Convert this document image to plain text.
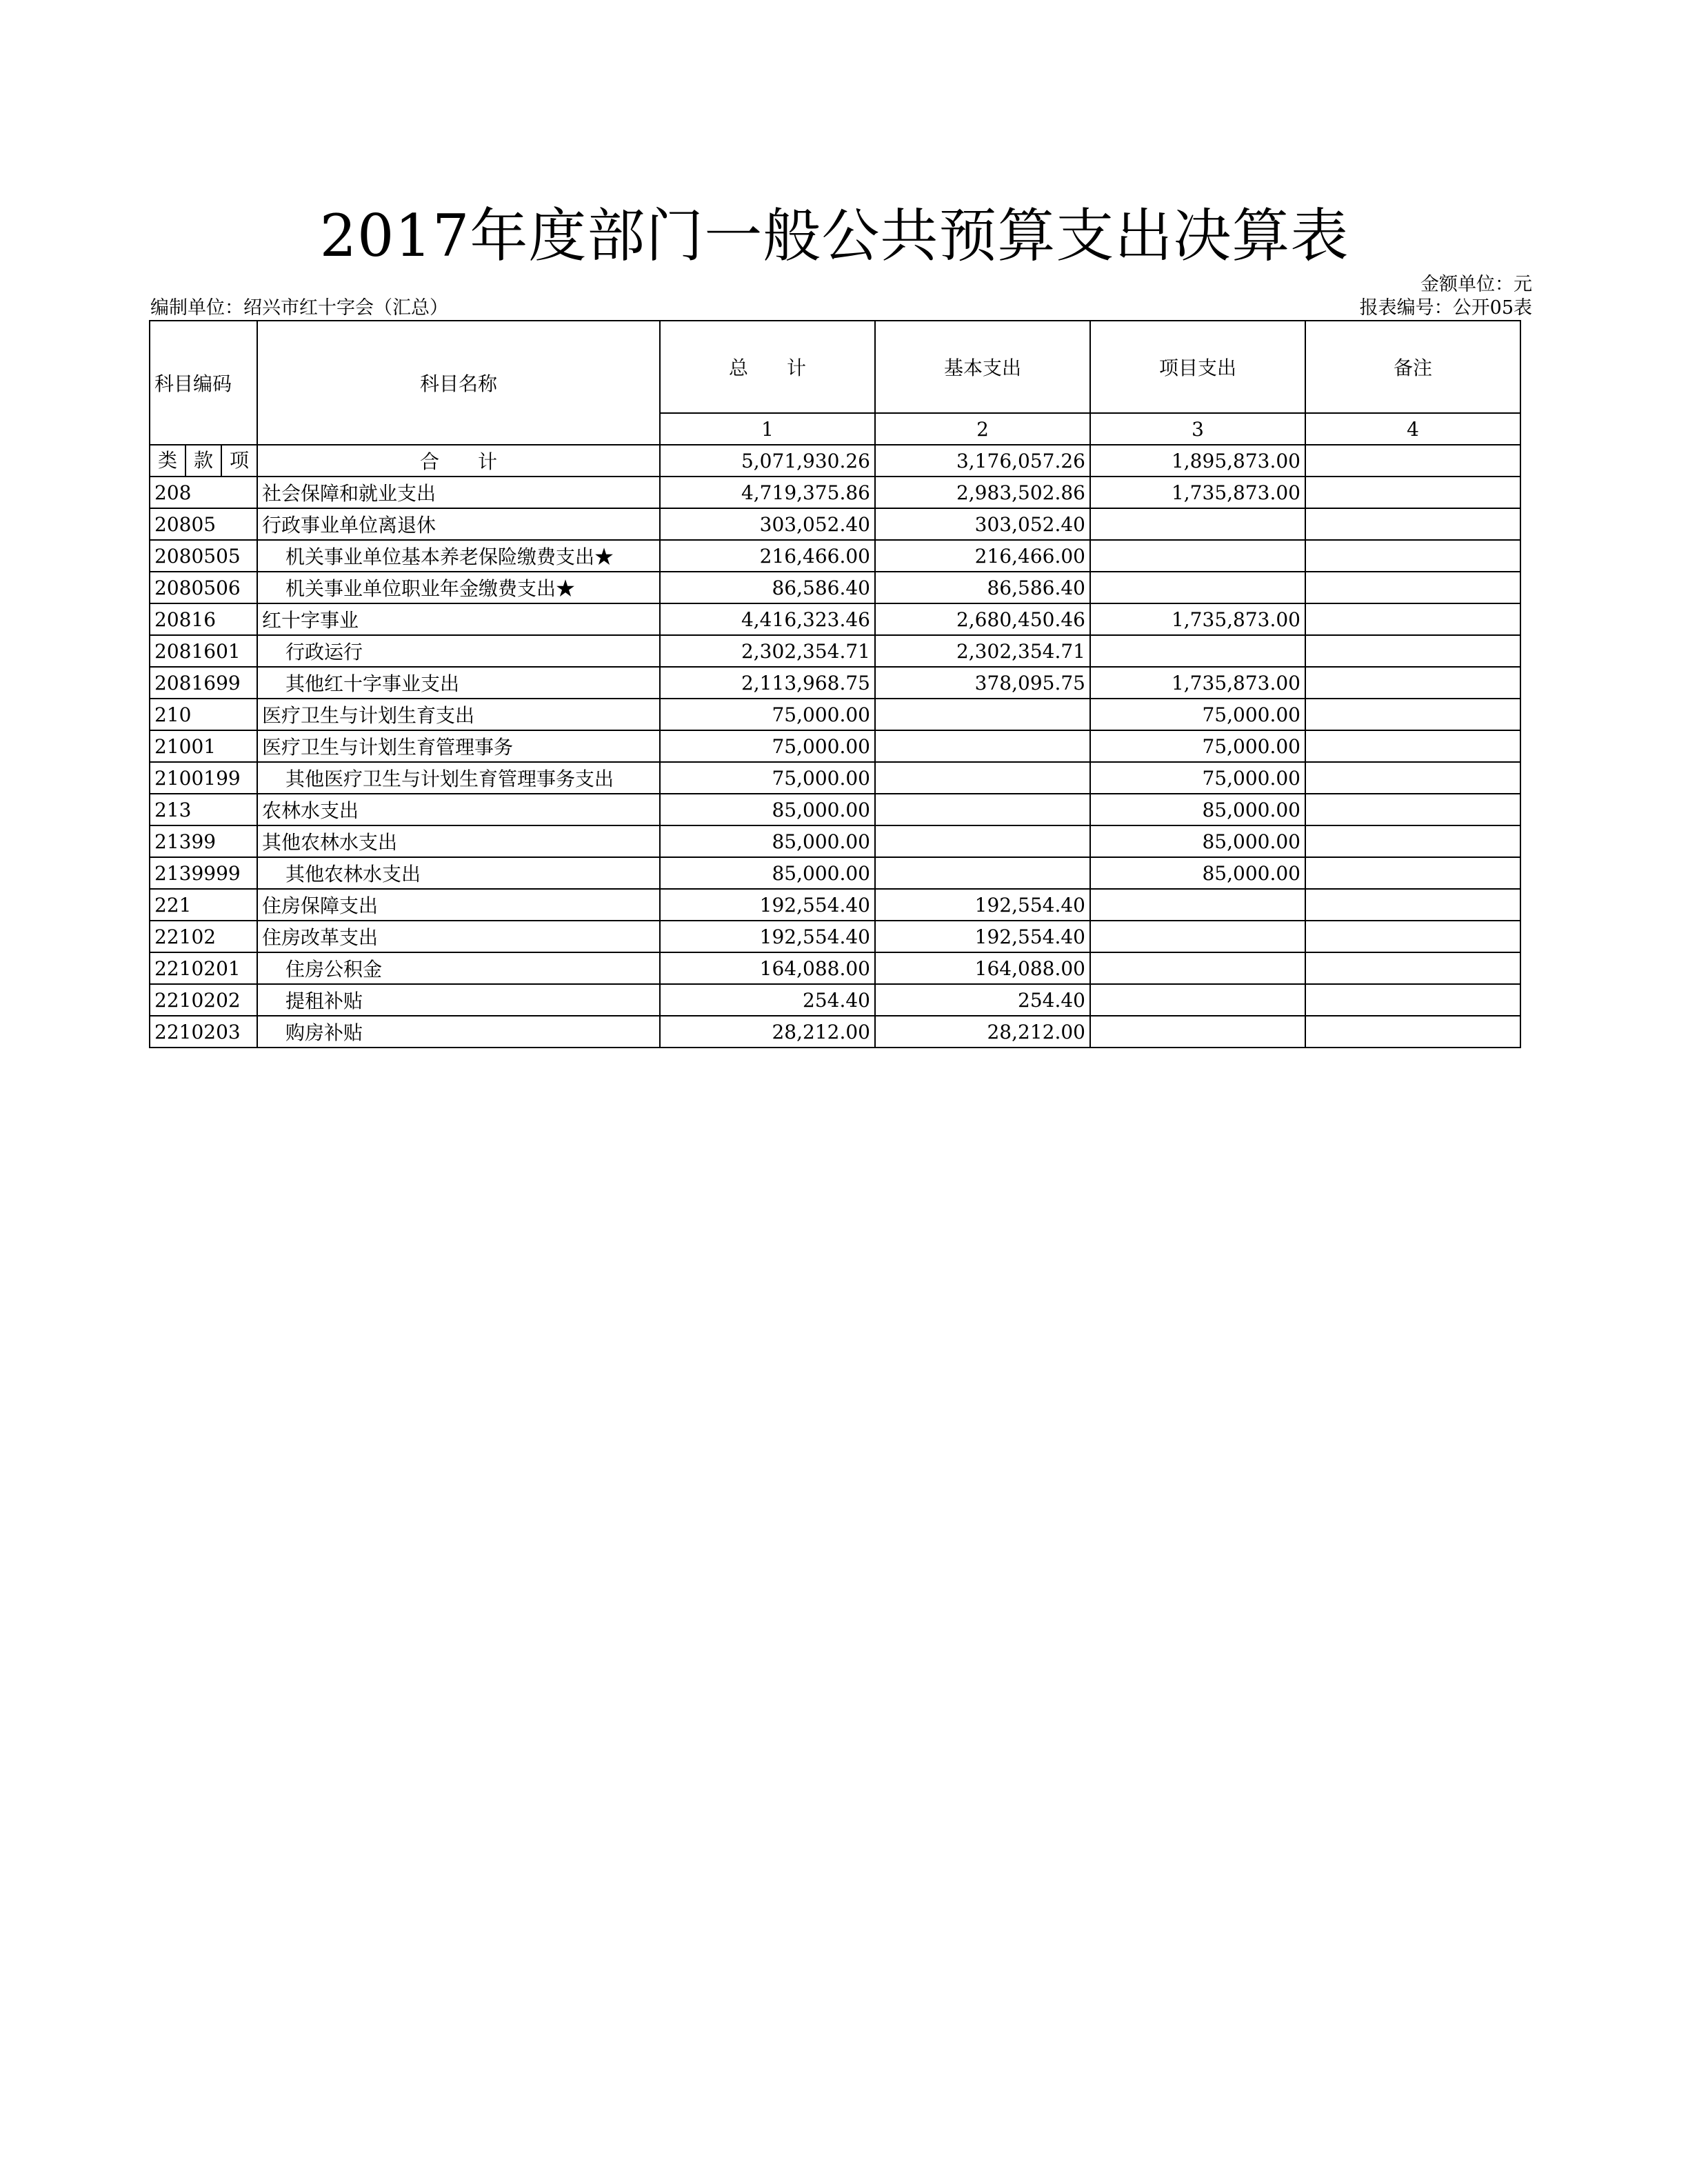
2017年度部门一般公共预算支出决算表
金额单位：元
编制单位：绍兴市红十字会（汇总）	报表编号：公开05表
科目编码	科目名称	总　　计	基本支出	项目支出	备注
		1	2	3	4

类 款 项	合　　计	5,071,930.26	3,176,057.26	1,895,873.00	
208	社会保障和就业支出	4,719,375.86	2,983,502.86	1,735,873.00	
20805	行政事业单位离退休	303,052.40	303,052.40		
2080505	机关事业单位基本养老保险缴费支出★	216,466.00	216,466.00		
2080506	机关事业单位职业年金缴费支出★	86,586.40	86,586.40		
20816	红十字事业	4,416,323.46	2,680,450.46	1,735,873.00	
2081601	行政运行	2,302,354.71	2,302,354.71		
2081699	其他红十字事业支出	2,113,968.75	378,095.75	1,735,873.00	
210	医疗卫生与计划生育支出	75,000.00		75,000.00	
21001	医疗卫生与计划生育管理事务	75,000.00		75,000.00	
2100199	其他医疗卫生与计划生育管理事务支出	75,000.00		75,000.00	
213	农林水支出	85,000.00		85,000.00	
21399	其他农林水支出	85,000.00		85,000.00	
2139999	其他农林水支出	85,000.00		85,000.00	
221	住房保障支出	192,554.40	192,554.40		
22102	住房改革支出	192,554.40	192,554.40		
2210201	住房公积金	164,088.00	164,088.00		
2210202	提租补贴	254.40	254.40		
2210203	购房补贴	28,212.00	28,212.00		
